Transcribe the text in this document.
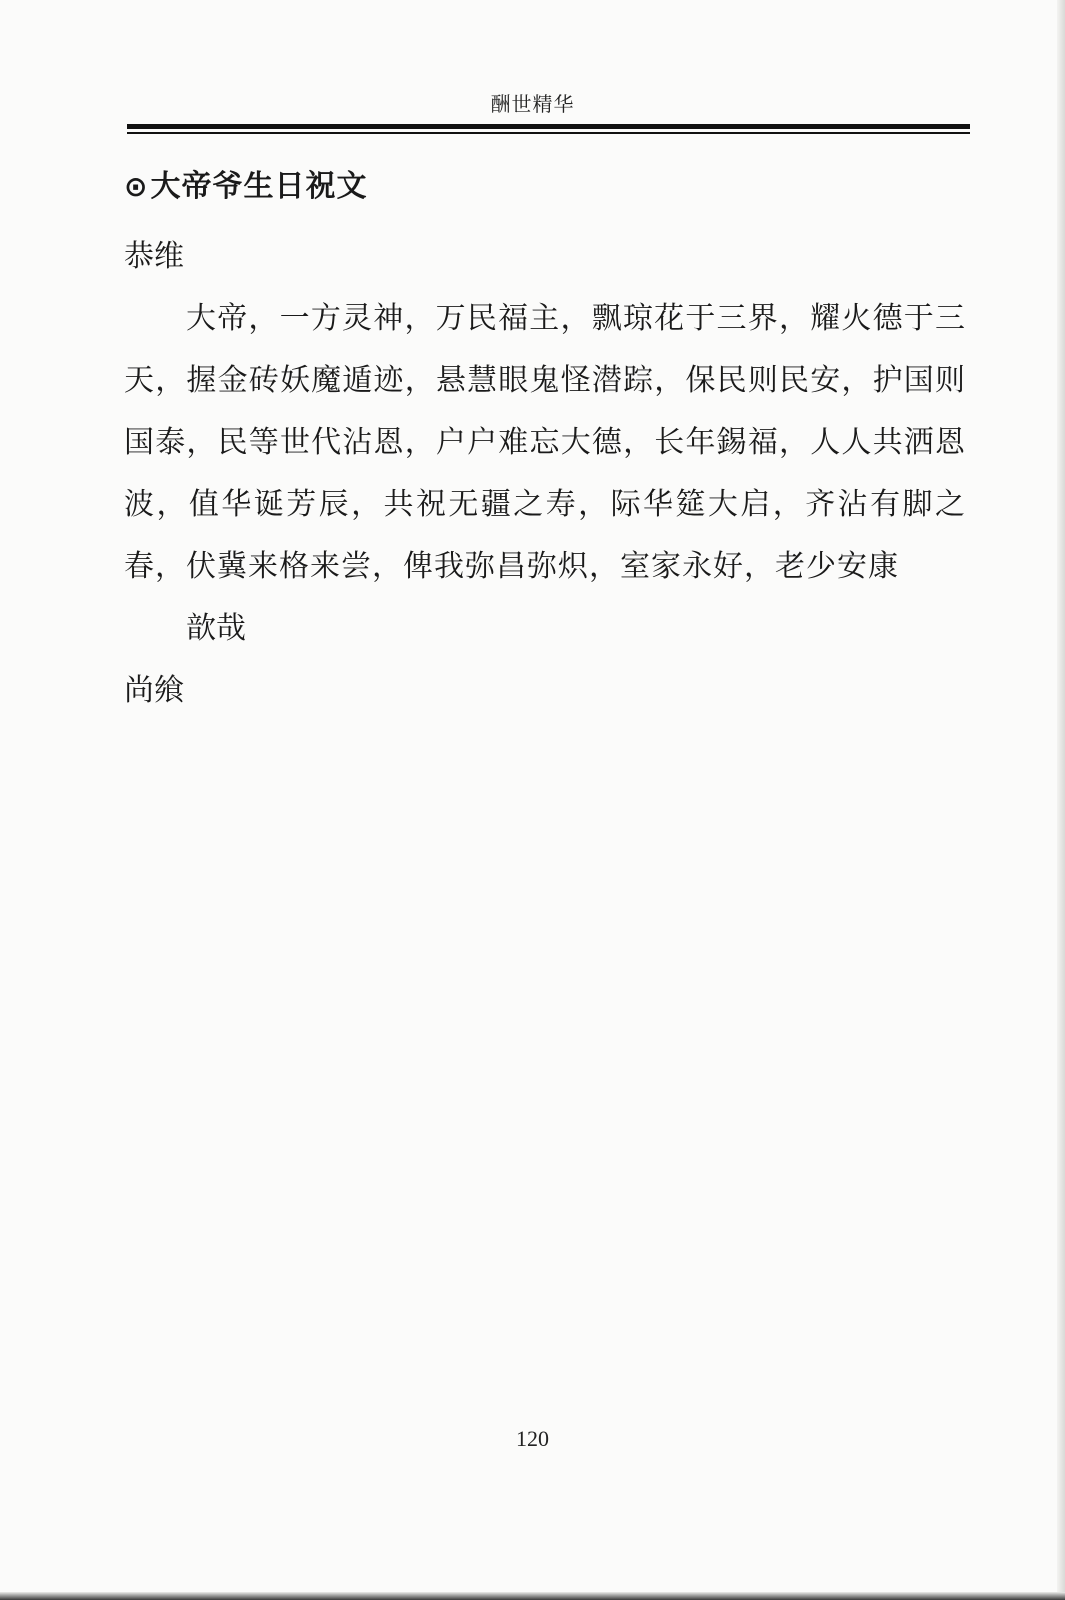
酬世精华
⊙大帝爷生日祝文

恭维

大帝，一方灵神，万民福主，飘琼花于三界，耀火德于三天，握金砖妖魔遁迹，悬慧眼鬼怪潜踪，保民则民安，护国则国泰，民等世代沾恩，户户难忘大德，长年錫福，人人共洒恩波，值华诞芳辰，共祝无疆之寿，际华筵大启，齐沾有脚之春，伏冀来格来尝，俾我弥昌弥炽，室家永好，老少安康

歆哉

尚飨

120
